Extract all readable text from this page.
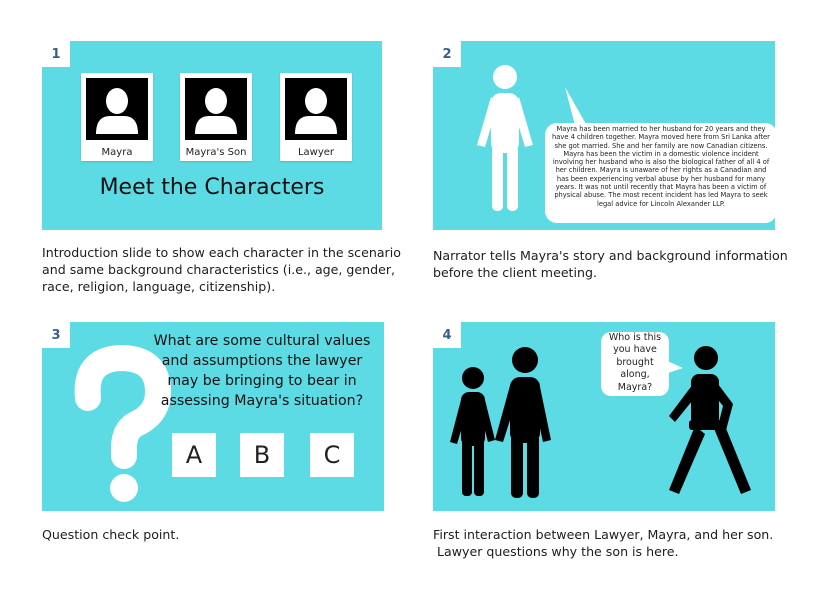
1
Mayra	Mayra's Son	Lawyer
Meet the Characters
Introduction slide to show each character in the scenario
and same background characteristics (i.e., age, gender,
race, religion, language, citizenship).
2
Mayra has been married to her husband for 20 years and they have 4 children together. Mayra moved here from Sri Lanka after she got married. She and her family are now Canadian citizens. Mayra has been the victim in a domestic violence incident involving her husband who is also the biological father of all 4 of her children. Mayra is unaware of her rights as a Canadian and has been experiencing verbal abuse by her husband for many years. It was not until recently that Mayra has been a victim of physical abuse. The most recent incident has led Mayra to seek legal advice for Lincoln Alexander LLP.
Narrator tells Mayra's story and background information
before the client meeting.
3	What are some cultural values and assumptions the lawyer may be bringing to bear in assessing Mayra's situation?
A	B	C
Question check point.
4	Who is this you have brought along, Mayra?
First interaction between Lawyer, Mayra, and her son.
Lawyer questions why the son is here.
